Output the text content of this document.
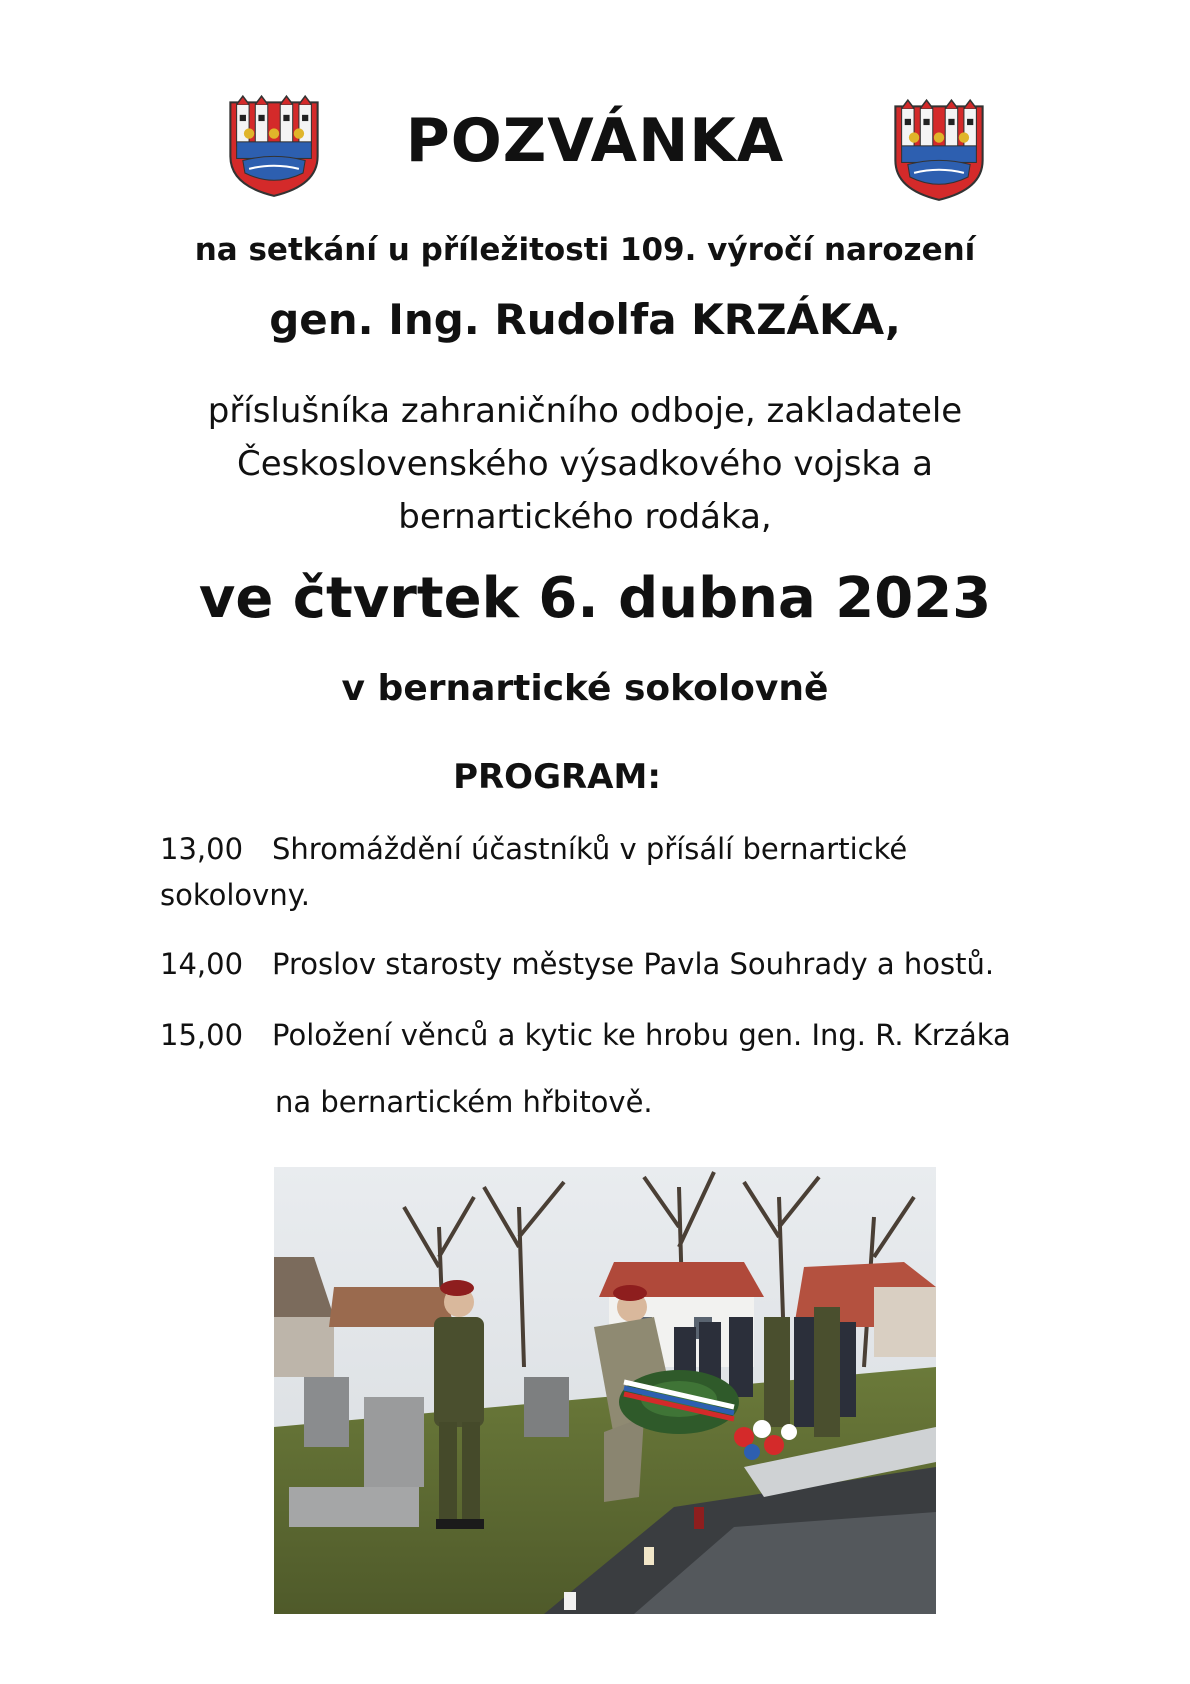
POZVÁNKA
na setkání u příležitosti 109. výročí narození
gen. Ing. Rudolfa KRZÁKA,
příslušníka zahraničního odboje, zakladatele
Československého výsadkového vojska a
bernartického rodáka,
ve čtvrtek 6. dubna 2023
v bernartické sokolovně
PROGRAM:
13,00 Shromáždění účastníků v přísálí bernartické
sokolovny.
14,00 Proslov starosty městyse Pavla Souhrady a hostů.
15,00 Položení věnců a kytic ke hrobu gen. Ing. R. Krzáka
na bernartickém hřbitově.
